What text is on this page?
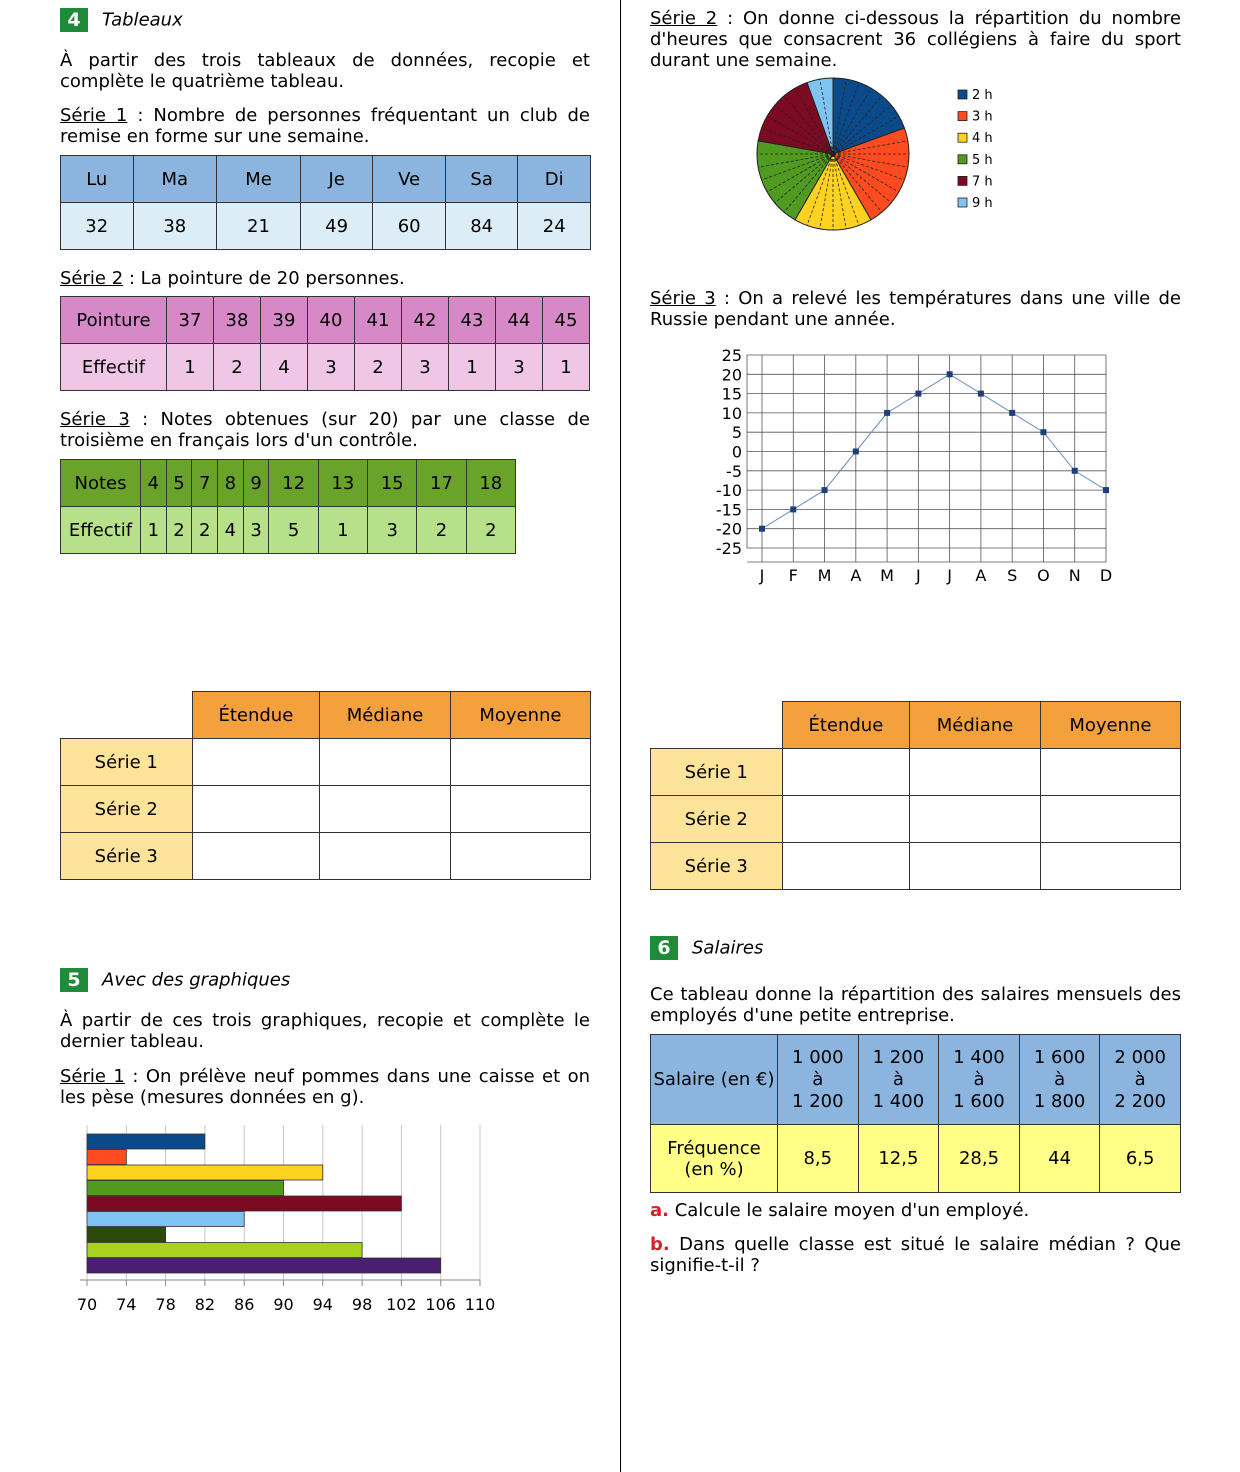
4 Tableaux

À partir des trois tableaux de données, recopie et complète le quatrième tableau.

Série 1 : Nombre de personnes fréquentant un club de remise en forme sur une semaine.

Lu	Ma	Me	Je	Ve	Sa	Di
32	38	21	49	60	84	24

Série 2 : La pointure de 20 personnes.

Pointure	37	38	39	40	41	42	43	44	45
Effectif	1	2	4	3	2	3	1	3	1

Série 3 : Notes obtenues (sur 20) par une classe de troisième en français lors d'un contrôle.

Notes	4	5	7	8	9	12	13	15	17	18
Effectif	1	2	2	4	3	5	1	3	2	2
	Étendue	Médiane	Moyenne
Série 1			
Série 2			
Série 3			
5 Avec des graphiques

À partir de ces trois graphiques, recopie et complète le dernier tableau.

Série 1 : On prélève neuf pommes dans une caisse et on les pèse (mesures données en g).

70 74 78 82 86 90 94 98 102 106 110

Série 2 : On donne ci-dessous la répartition du nombre d'heures que consacrent 36 collégiens à faire du sport durant une semaine.

2 h
3 h
4 h
5 h
7 h
9 h

Série 3 : On a relevé les températures dans une ville de Russie pendant une année.

25
20
15
10
5
0
-5
-10
-15
-20
-25
J F M A M J J A S O N D
	Étendue	Médiane	Moyenne
Série 1			
Série 2			
Série 3			
6 Salaires

Ce tableau donne la répartition des salaires mensuels des employés d'une petite entreprise.

Salaire (en €)	1 000
à
1 200	1 200
à
1 400	1 400
à
1 600	1 600
à
1 800	2 000
à
2 200
Fréquence
(en %)	8,5	12,5	28,5	44	6,5

a. Calcule le salaire moyen d'un employé.

b. Dans quelle classe est situé le salaire médian ? Que signifie-t-il ?
